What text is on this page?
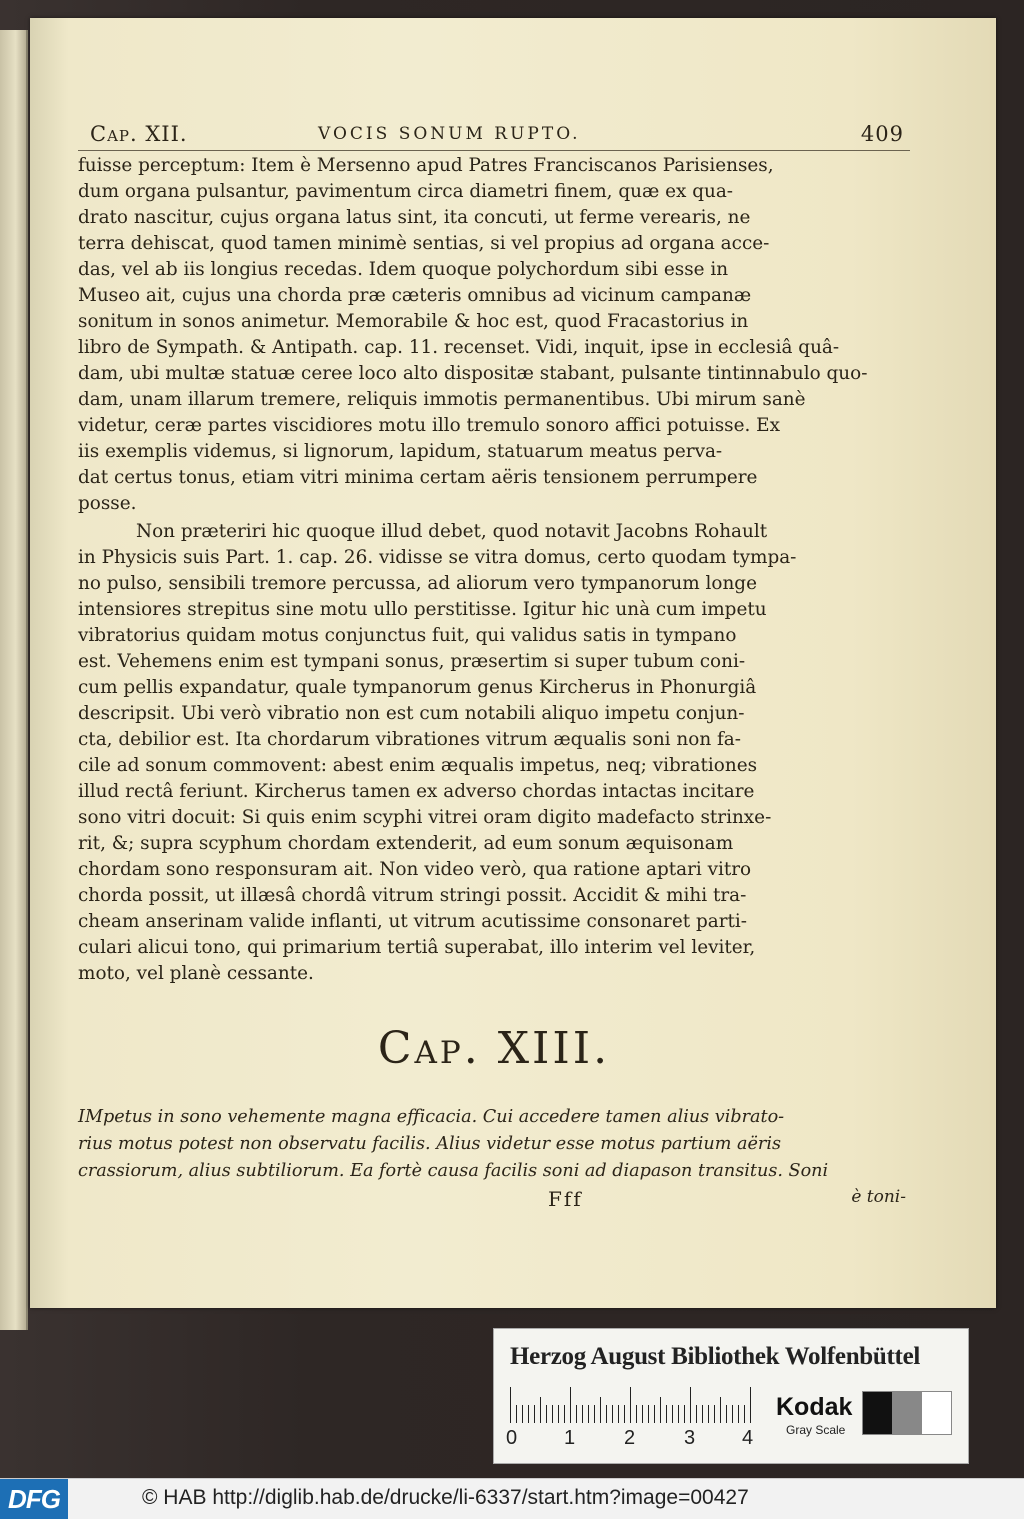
Cap. XII.	VOCIS SONUM RUPTO.	409
fuisse perceptum: Item è Mersenno apud Patres Franciscanos Parisienses,
dum organa pulsantur, pavimentum circa diametri finem, quæ ex qua-
drato nascitur, cujus organa latus sint, ita concuti, ut ferme verearis, ne
terra dehiscat, quod tamen minimè sentias, si vel propius ad organa acce-
das, vel ab iis longius recedas. Idem quoque polychordum sibi esse in
Museo ait, cujus una chorda præ cæteris omnibus ad vicinum campanæ
sonitum in sonos animetur. Memorabile & hoc est, quod Fracastorius in
libro de Sympath. & Antipath. cap. 11. recenset. Vidi, inquit, ipse in ecclesiâ quâ-
dam, ubi multæ statuæ ceree loco alto dispositæ stabant, pulsante tintinnabulo quo-
dam, unam illarum tremere, reliquis immotis permanentibus. Ubi mirum sanè
videtur, ceræ partes viscidiores motu illo tremulo sonoro affici potuisse. Ex
iis exemplis videmus, si lignorum, lapidum, statuarum meatus perva-
dat certus tonus, etiam vitri minima certam aëris tensionem perrumpere
posse.
Non præteriri hic quoque illud debet, quod notavit Jacobns Rohault
in Physicis suis Part. 1. cap. 26. vidisse se vitra domus, certo quodam tympa-
no pulso, sensibili tremore percussa, ad aliorum vero tympanorum longe
intensiores strepitus sine motu ullo perstitisse. Igitur hic unà cum impetu
vibratorius quidam motus conjunctus fuit, qui validus satis in tympano
est. Vehemens enim est tympani sonus, præsertim si super tubum coni-
cum pellis expandatur, quale tympanorum genus Kircherus in Phonurgiâ
descripsit. Ubi verò vibratio non est cum notabili aliquo impetu conjun-
cta, debilior est. Ita chordarum vibrationes vitrum æqualis soni non fa-
cile ad sonum commovent: abest enim æqualis impetus, neq; vibrationes
illud rectâ feriunt. Kircherus tamen ex adverso chordas intactas incitare
sono vitri docuit: Si quis enim scyphi vitrei oram digito madefacto strinxe-
rit, &; supra scyphum chordam extenderit, ad eum sonum æquisonam
chordam sono responsuram ait. Non video verò, qua ratione aptari vitro
chorda possit, ut illæsâ chordâ vitrum stringi possit. Accidit & mihi tra-
cheam anserinam valide inflanti, ut vitrum acutissime consonaret parti-
culari alicui tono, qui primarium tertiâ superabat, illo interim vel leviter,
moto, vel planè cessante.
Cap. XIII.
IMpetus in sono vehemente magna efficacia. Cui accedere tamen alius vibrato-
rius motus potest non observatu facilis. Alius videtur esse motus partium aëris
crassiorum, alius subtiliorum. Ea fortè causa facilis soni ad diapason transitus. Soni
Fff	è toni-
Herzog August Bibliothek Wolfenbüttel
0 1 2 3 4
Kodak
Gray Scale
DFG	© HAB http://diglib.hab.de/drucke/li-6337/start.htm?image=00427
